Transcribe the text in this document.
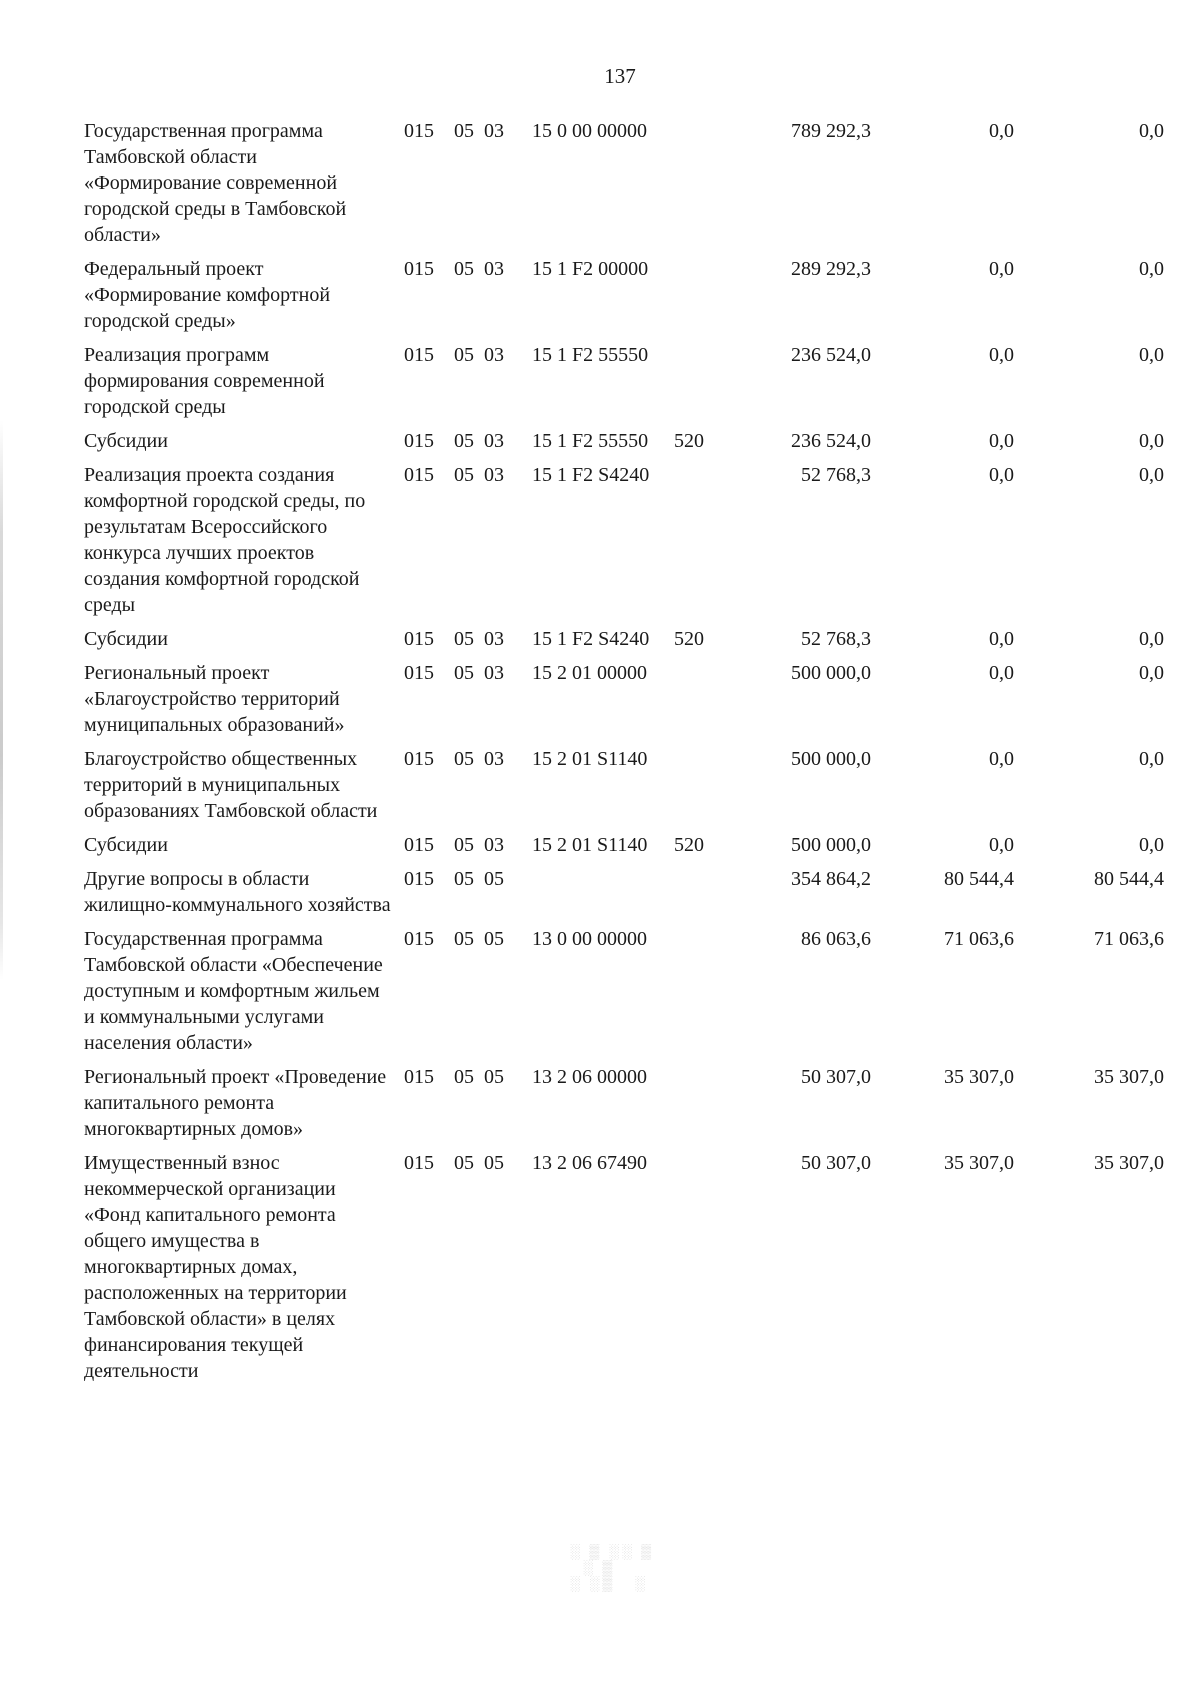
137
Государственная программа Тамбовской области «Формирование современной городской среды в Тамбовской области»	015	05	03	15 0 00 00000		789 292,3	0,0	0,0
Федеральный проект «Формирование комфортной городской среды»	015	05	03	15 1 F2 00000		289 292,3	0,0	0,0
Реализация программ формирования современной городской среды	015	05	03	15 1 F2 55550		236 524,0	0,0	0,0
Субсидии	015	05	03	15 1 F2 55550	520	236 524,0	0,0	0,0
Реализация проекта создания комфортной городской среды, по результатам Всероссийского конкурса лучших проектов создания комфортной городской среды	015	05	03	15 1 F2 S4240		52 768,3	0,0	0,0
Субсидии	015	05	03	15 1 F2 S4240	520	52 768,3	0,0	0,0
Региональный проект «Благоустройство территорий муниципальных образований»	015	05	03	15 2 01 00000		500 000,0	0,0	0,0
Благоустройство общественных территорий в муниципальных образованиях Тамбовской области	015	05	03	15 2 01 S1140		500 000,0	0,0	0,0
Субсидии	015	05	03	15 2 01 S1140	520	500 000,0	0,0	0,0
Другие вопросы в области жилищно-коммунального хозяйства	015	05	05			354 864,2	80 544,4	80 544,4
Государственная программа Тамбовской области «Обеспечение доступным и комфортным жильем и коммунальными услугами населения области»	015	05	05	13 0 00 00000		86 063,6	71 063,6	71 063,6
Региональный проект «Проведение капитального ремонта многоквартирных домов»	015	05	05	13 2 06 00000		50 307,0	35 307,0	35 307,0
Имущественный взнос некоммерческой организации «Фонд капитального ремонта общего имущества в многоквартирных домах, расположенных на территории Тамбовской области» в целях финансирования текущей деятельности	015	05	05	13 2 06 67490		50 307,0	35 307,0	35 307,0
░ ▒ ░░ ▒
░ ▒
░ ░▒   ░
